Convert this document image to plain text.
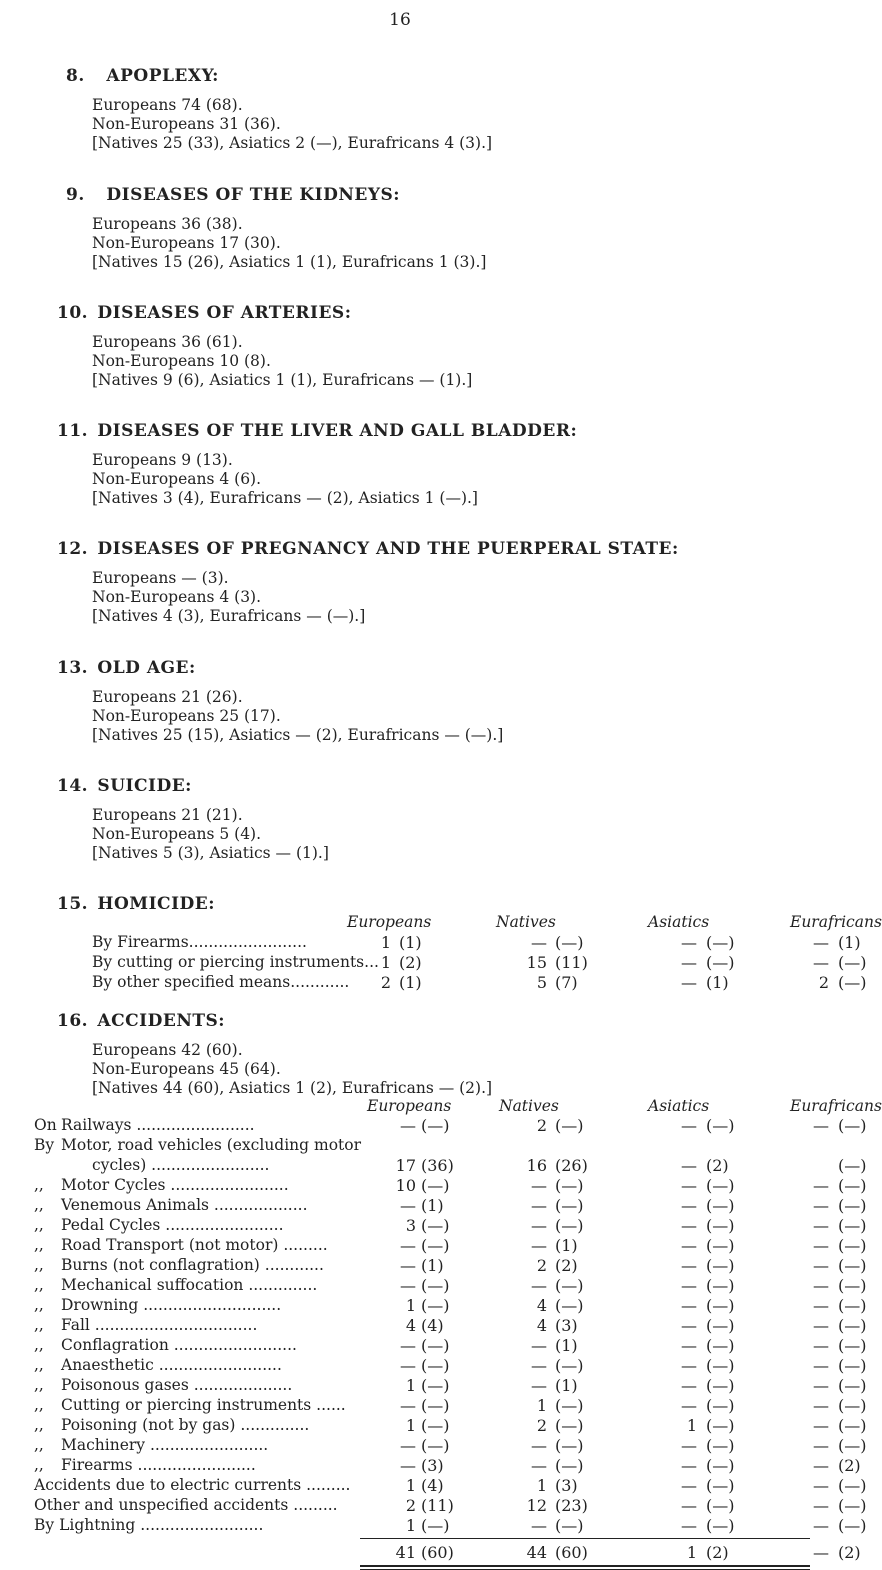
16
8. APOPLEXY:
Europeans 74 (68).
Non-Europeans 31 (36).
[Natives 25 (33), Asiatics 2 (—), Eurafricans 4 (3).]
9. DISEASES OF THE KIDNEYS:
Europeans 36 (38).
Non-Europeans 17 (30).
[Natives 15 (26), Asiatics 1 (1), Eurafricans 1 (3).]
10. DISEASES OF ARTERIES:
Europeans 36 (61).
Non-Europeans 10 (8).
[Natives 9 (6), Asiatics 1 (1), Eurafricans — (1).]
11. DISEASES OF THE LIVER AND GALL BLADDER:
Europeans 9 (13).
Non-Europeans 4 (6).
[Natives 3 (4), Eurafricans — (2), Asiatics 1 (—).]
12. DISEASES OF PREGNANCY AND THE PUERPERAL STATE:
Europeans — (3).
Non-Europeans 4 (3).
[Natives 4 (3), Eurafricans — (—).]
13. OLD AGE:
Europeans 21 (26).
Non-Europeans 25 (17).
[Natives 25 (15), Asiatics — (2), Eurafricans — (—).]
14. SUICIDE:
Europeans 21 (21).
Non-Europeans 5 (4).
[Natives 5 (3), Asiatics — (1).]
15. HOMICIDE:
Europeans	Natives	Asiatics	Eurafricans
By Firearms........................	1 (1)	— (—)	— (—)	— (1)
By cutting or piercing instruments... 1 (2)	15 (11)	— (—)	— (—)
By other specified means............	2 (1)	5 (7)	— (1)	2 (—)
16. ACCIDENTS:
Europeans 42 (60).
Non-Europeans 45 (64).
[Natives 44 (60), Asiatics 1 (2), Eurafricans — (2).]
Europeans	Natives	Asiatics	Eurafricans
On Railways ........................	— (—)	2 (—)	— (—)	— (—)
By Motor, road vehicles (excluding motor
cycles) ........................	17 (36)	16 (26)	— (2)	(—)
,, Motor Cycles ........................	10 (—)	— (—)	— (—)	— (—)
,, Venemous Animals ...................	— (1)	— (—)	— (—)	— (—)
,, Pedal Cycles ........................	3 (—)	— (—)	— (—)	— (—)
,, Road Transport (not motor) .........	— (—)	— (1)	— (—)	— (—)
,, Burns (not conflagration) ............	— (1)	2 (2)	— (—)	— (—)
,, Mechanical suffocation ..............	— (—)	— (—)	— (—)	— (—)
,, Drowning ............................	1 (—)	4 (—)	— (—)	— (—)
,, Fall .................................	4 (4)	4 (3)	— (—)	— (—)
,, Conflagration .........................	— (—)	— (1)	— (—)	— (—)
,, Anaesthetic .........................	— (—)	— (—)	— (—)	— (—)
,, Poisonous gases ....................	1 (—)	— (1)	— (—)	— (—)
,, Cutting or piercing instruments ......	— (—)	1 (—)	— (—)	— (—)
,, Poisoning (not by gas) ..............	1 (—)	2 (—)	1 (—)	— (—)
,, Machinery ........................	— (—)	— (—)	— (—)	— (—)
,, Firearms ........................	— (3)	— (—)	— (—)	— (2)
Accidents due to electric currents .........	1 (4)	1 (3)	— (—)	— (—)
Other and unspecified accidents .........	2 (11)	12 (23)	— (—)	— (—)
By Lightning .........................	1 (—)	— (—)	— (—)	— (—)
41 (60)	44 (60)	1 (2)	— (2)
